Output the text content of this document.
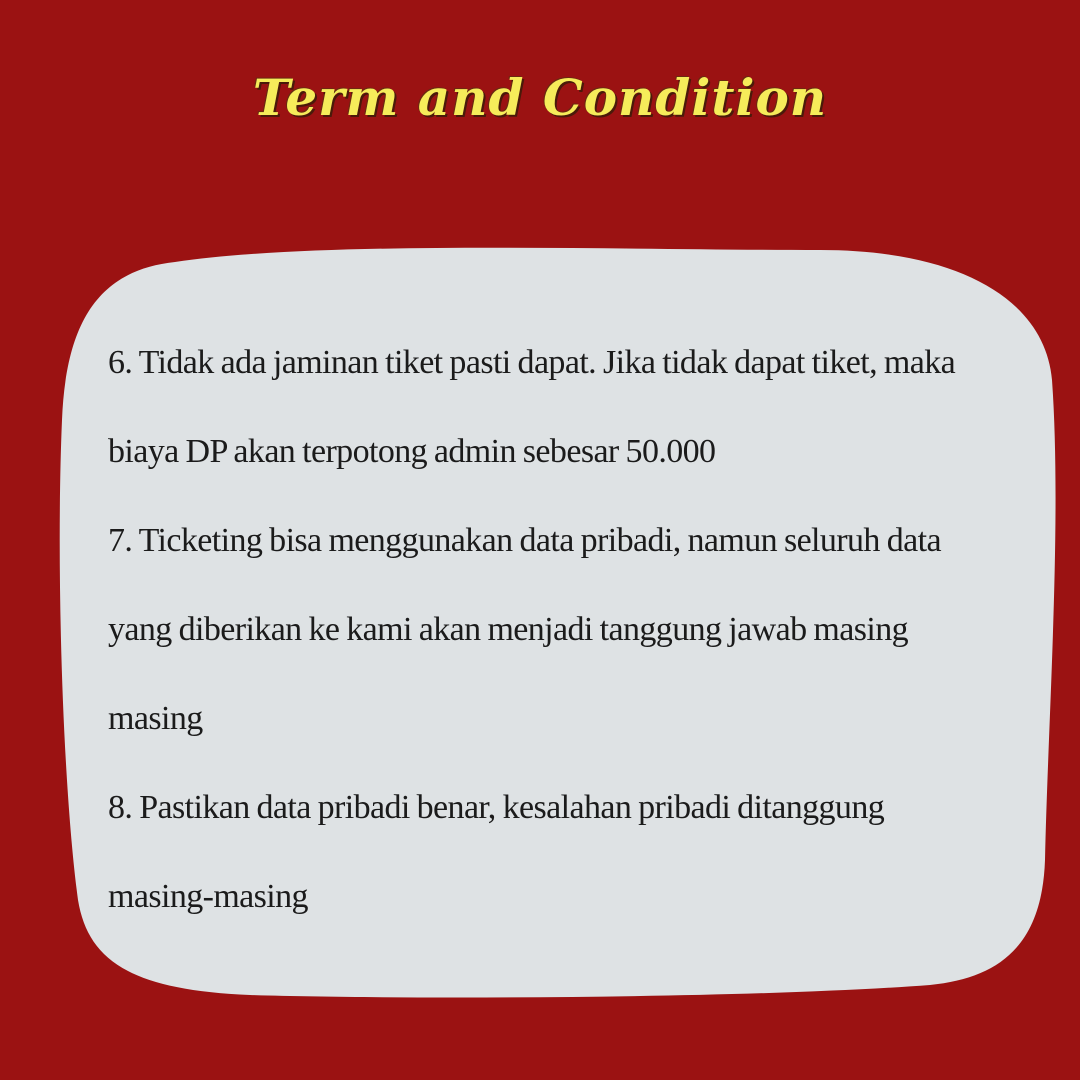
Term and Condition
6. Tidak ada jaminan tiket pasti dapat. Jika tidak dapat tiket, maka
biaya DP akan terpotong admin sebesar 50.000
7. Ticketing bisa menggunakan data pribadi, namun seluruh data
yang diberikan ke kami akan menjadi tanggung jawab masing
masing
8. Pastikan data pribadi benar, kesalahan pribadi ditanggung
masing-masing
